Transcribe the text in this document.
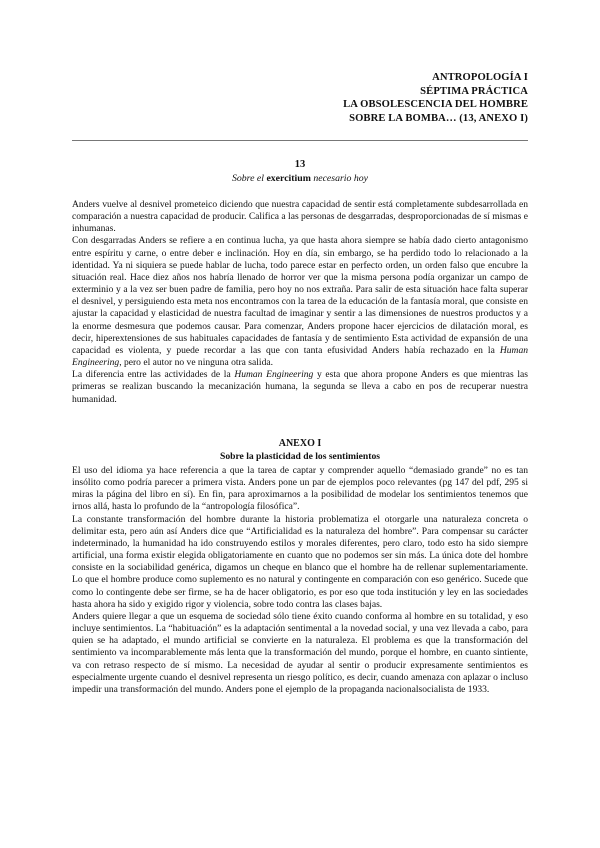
ANTROPOLOGÍA I
SÉPTIMA PRÁCTICA
LA OBSOLESCENCIA DEL HOMBRE
SOBRE LA BOMBA… (13, ANEXO I)
13
Sobre el exercitium necesario hoy

Anders vuelve al desnivel prometeico diciendo que nuestra capacidad de sentir está completamente subdesarrollada en comparación a nuestra capacidad de producir. Califica a las personas de desgarradas, desproporcionadas de sí mismas e inhumanas.

Con desgarradas Anders se refiere a en continua lucha, ya que hasta ahora siempre se había dado cierto antagonismo entre espíritu y carne, o entre deber e inclinación. Hoy en día, sin embargo, se ha perdido todo lo relacionado a la identidad. Ya ni siquiera se puede hablar de lucha, todo parece estar en perfecto orden, un orden falso que encubre la situación real. Hace diez años nos habría llenado de horror ver que la misma persona podía organizar un campo de exterminio y a la vez ser buen padre de familia, pero hoy no nos extraña. Para salir de esta situación hace falta superar el desnivel, y persiguiendo esta meta nos encontramos con la tarea de la educación de la fantasía moral, que consiste en ajustar la capacidad y elasticidad de nuestra facultad de imaginar y sentir a las dimensiones de nuestros productos y a la enorme desmesura que podemos causar. Para comenzar, Anders propone hacer ejercicios de dilatación moral, es decir, hiperextensiones de sus habituales capacidades de fantasía y de sentimiento Esta actividad de expansión de una capacidad es violenta, y puede recordar a las que con tanta efusividad Anders había rechazado en la Human Engineering, pero el autor no ve ninguna otra salida.

La diferencia entre las actividades de la Human Engineering y esta que ahora propone Anders es que mientras las primeras se realizan buscando la mecanización humana, la segunda se lleva a cabo en pos de recuperar nuestra humanidad.

ANEXO I
Sobre la plasticidad de los sentimientos

El uso del idioma ya hace referencia a que la tarea de captar y comprender aquello “demasiado grande” no es tan insólito como podría parecer a primera vista. Anders pone un par de ejemplos poco relevantes (pg 147 del pdf, 295 si miras la página del libro en sí). En fin, para aproximarnos a la posibilidad de modelar los sentimientos tenemos que irnos allá, hasta lo profundo de la “antropología filosófica”.

La constante transformación del hombre durante la historia problematiza el otorgarle una naturaleza concreta o delimitar esta, pero aún así Anders dice que “Artificialidad es la naturaleza del hombre”. Para compensar su carácter indeterminado, la humanidad ha ido construyendo estilos y morales diferentes, pero claro, todo esto ha sido siempre artificial, una forma existir elegida obligatoriamente en cuanto que no podemos ser sin más. La única dote del hombre consiste en la sociabilidad genérica, digamos un cheque en blanco que el hombre ha de rellenar suplementariamente. Lo que el hombre produce como suplemento es no natural y contingente en comparación con eso genérico. Sucede que como lo contingente debe ser firme, se ha de hacer obligatorio, es por eso que toda institución y ley en las sociedades hasta ahora ha sido y exigido rigor y violencia, sobre todo contra las clases bajas.

Anders quiere llegar a que un esquema de sociedad sólo tiene éxito cuando conforma al hombre en su totalidad, y eso incluye sentimientos. La “habituación” es la adaptación sentimental a la novedad social, y una vez llevada a cabo, para quien se ha adaptado, el mundo artificial se convierte en la naturaleza. El problema es que la transformación del sentimiento va incomparablemente más lenta que la transformación del mundo, porque el hombre, en cuanto sintiente, va con retraso respecto de sí mismo. La necesidad de ayudar al sentir o producir expresamente sentimientos es especialmente urgente cuando el desnivel representa un riesgo político, es decir, cuando amenaza con aplazar o incluso impedir una transformación del mundo. Anders pone el ejemplo de la propaganda nacionalsocialista de 1933.
